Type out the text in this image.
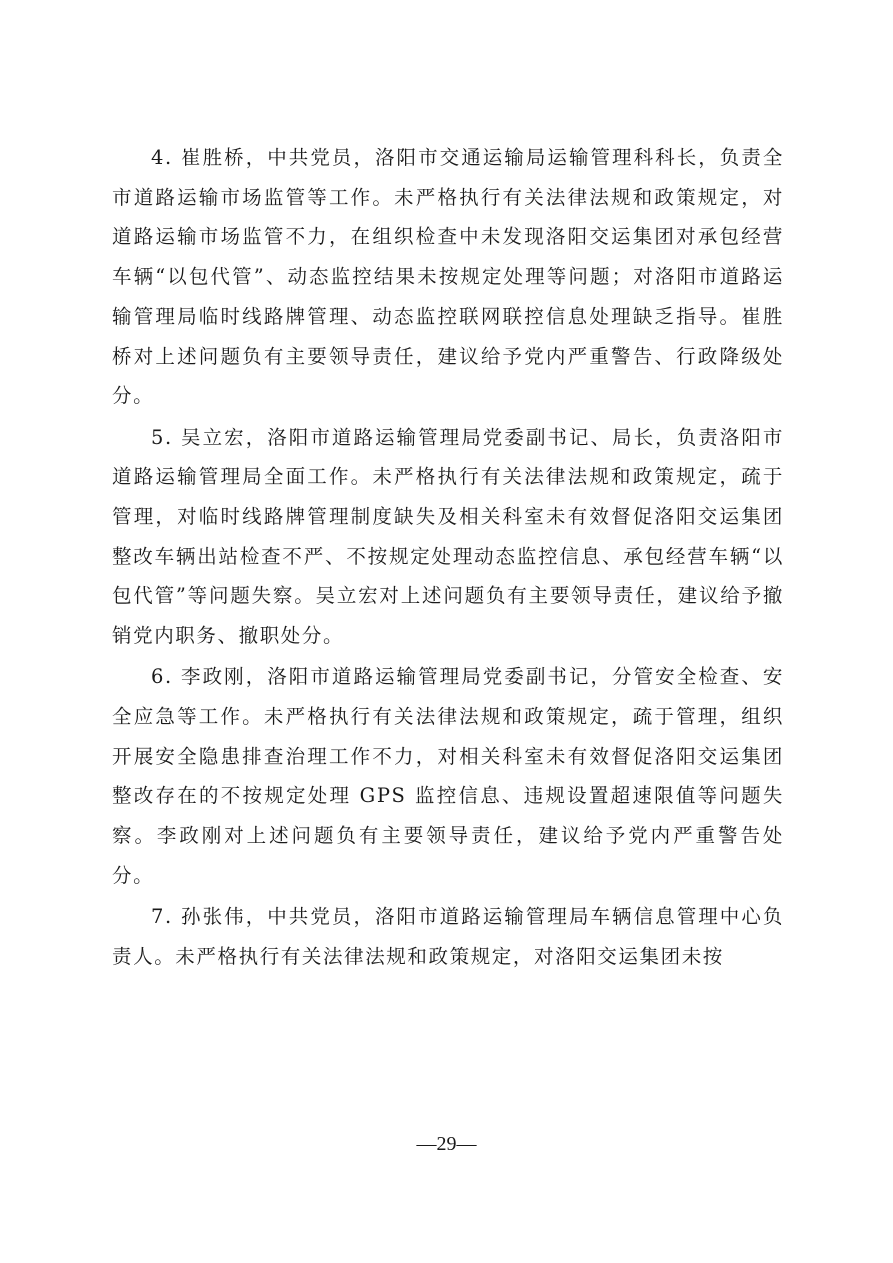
4. 崔胜桥，中共党员，洛阳市交通运输局运输管理科科长，负责全市道路运输市场监管等工作。未严格执行有关法律法规和政策规定，对道路运输市场监管不力，在组织检查中未发现洛阳交运集团对承包经营车辆“以包代管”、动态监控结果未按规定处理等问题；对洛阳市道路运输管理局临时线路牌管理、动态监控联网联控信息处理缺乏指导。崔胜桥对上述问题负有主要领导责任，建议给予党内严重警告、行政降级处分。

5. 吴立宏，洛阳市道路运输管理局党委副书记、局长，负责洛阳市道路运输管理局全面工作。未严格执行有关法律法规和政策规定，疏于管理，对临时线路牌管理制度缺失及相关科室未有效督促洛阳交运集团整改车辆出站检查不严、不按规定处理动态监控信息、承包经营车辆“以包代管”等问题失察。吴立宏对上述问题负有主要领导责任，建议给予撤销党内职务、撤职处分。

6. 李政刚，洛阳市道路运输管理局党委副书记，分管安全检查、安全应急等工作。未严格执行有关法律法规和政策规定，疏于管理，组织开展安全隐患排查治理工作不力，对相关科室未有效督促洛阳交运集团整改存在的不按规定处理 GPS 监控信息、违规设置超速限值等问题失察。李政刚对上述问题负有主要领导责任，建议给予党内严重警告处分。

7. 孙张伟，中共党员，洛阳市道路运输管理局车辆信息管理中心负责人。未严格执行有关法律法规和政策规定，对洛阳交运集团未按

—29—
